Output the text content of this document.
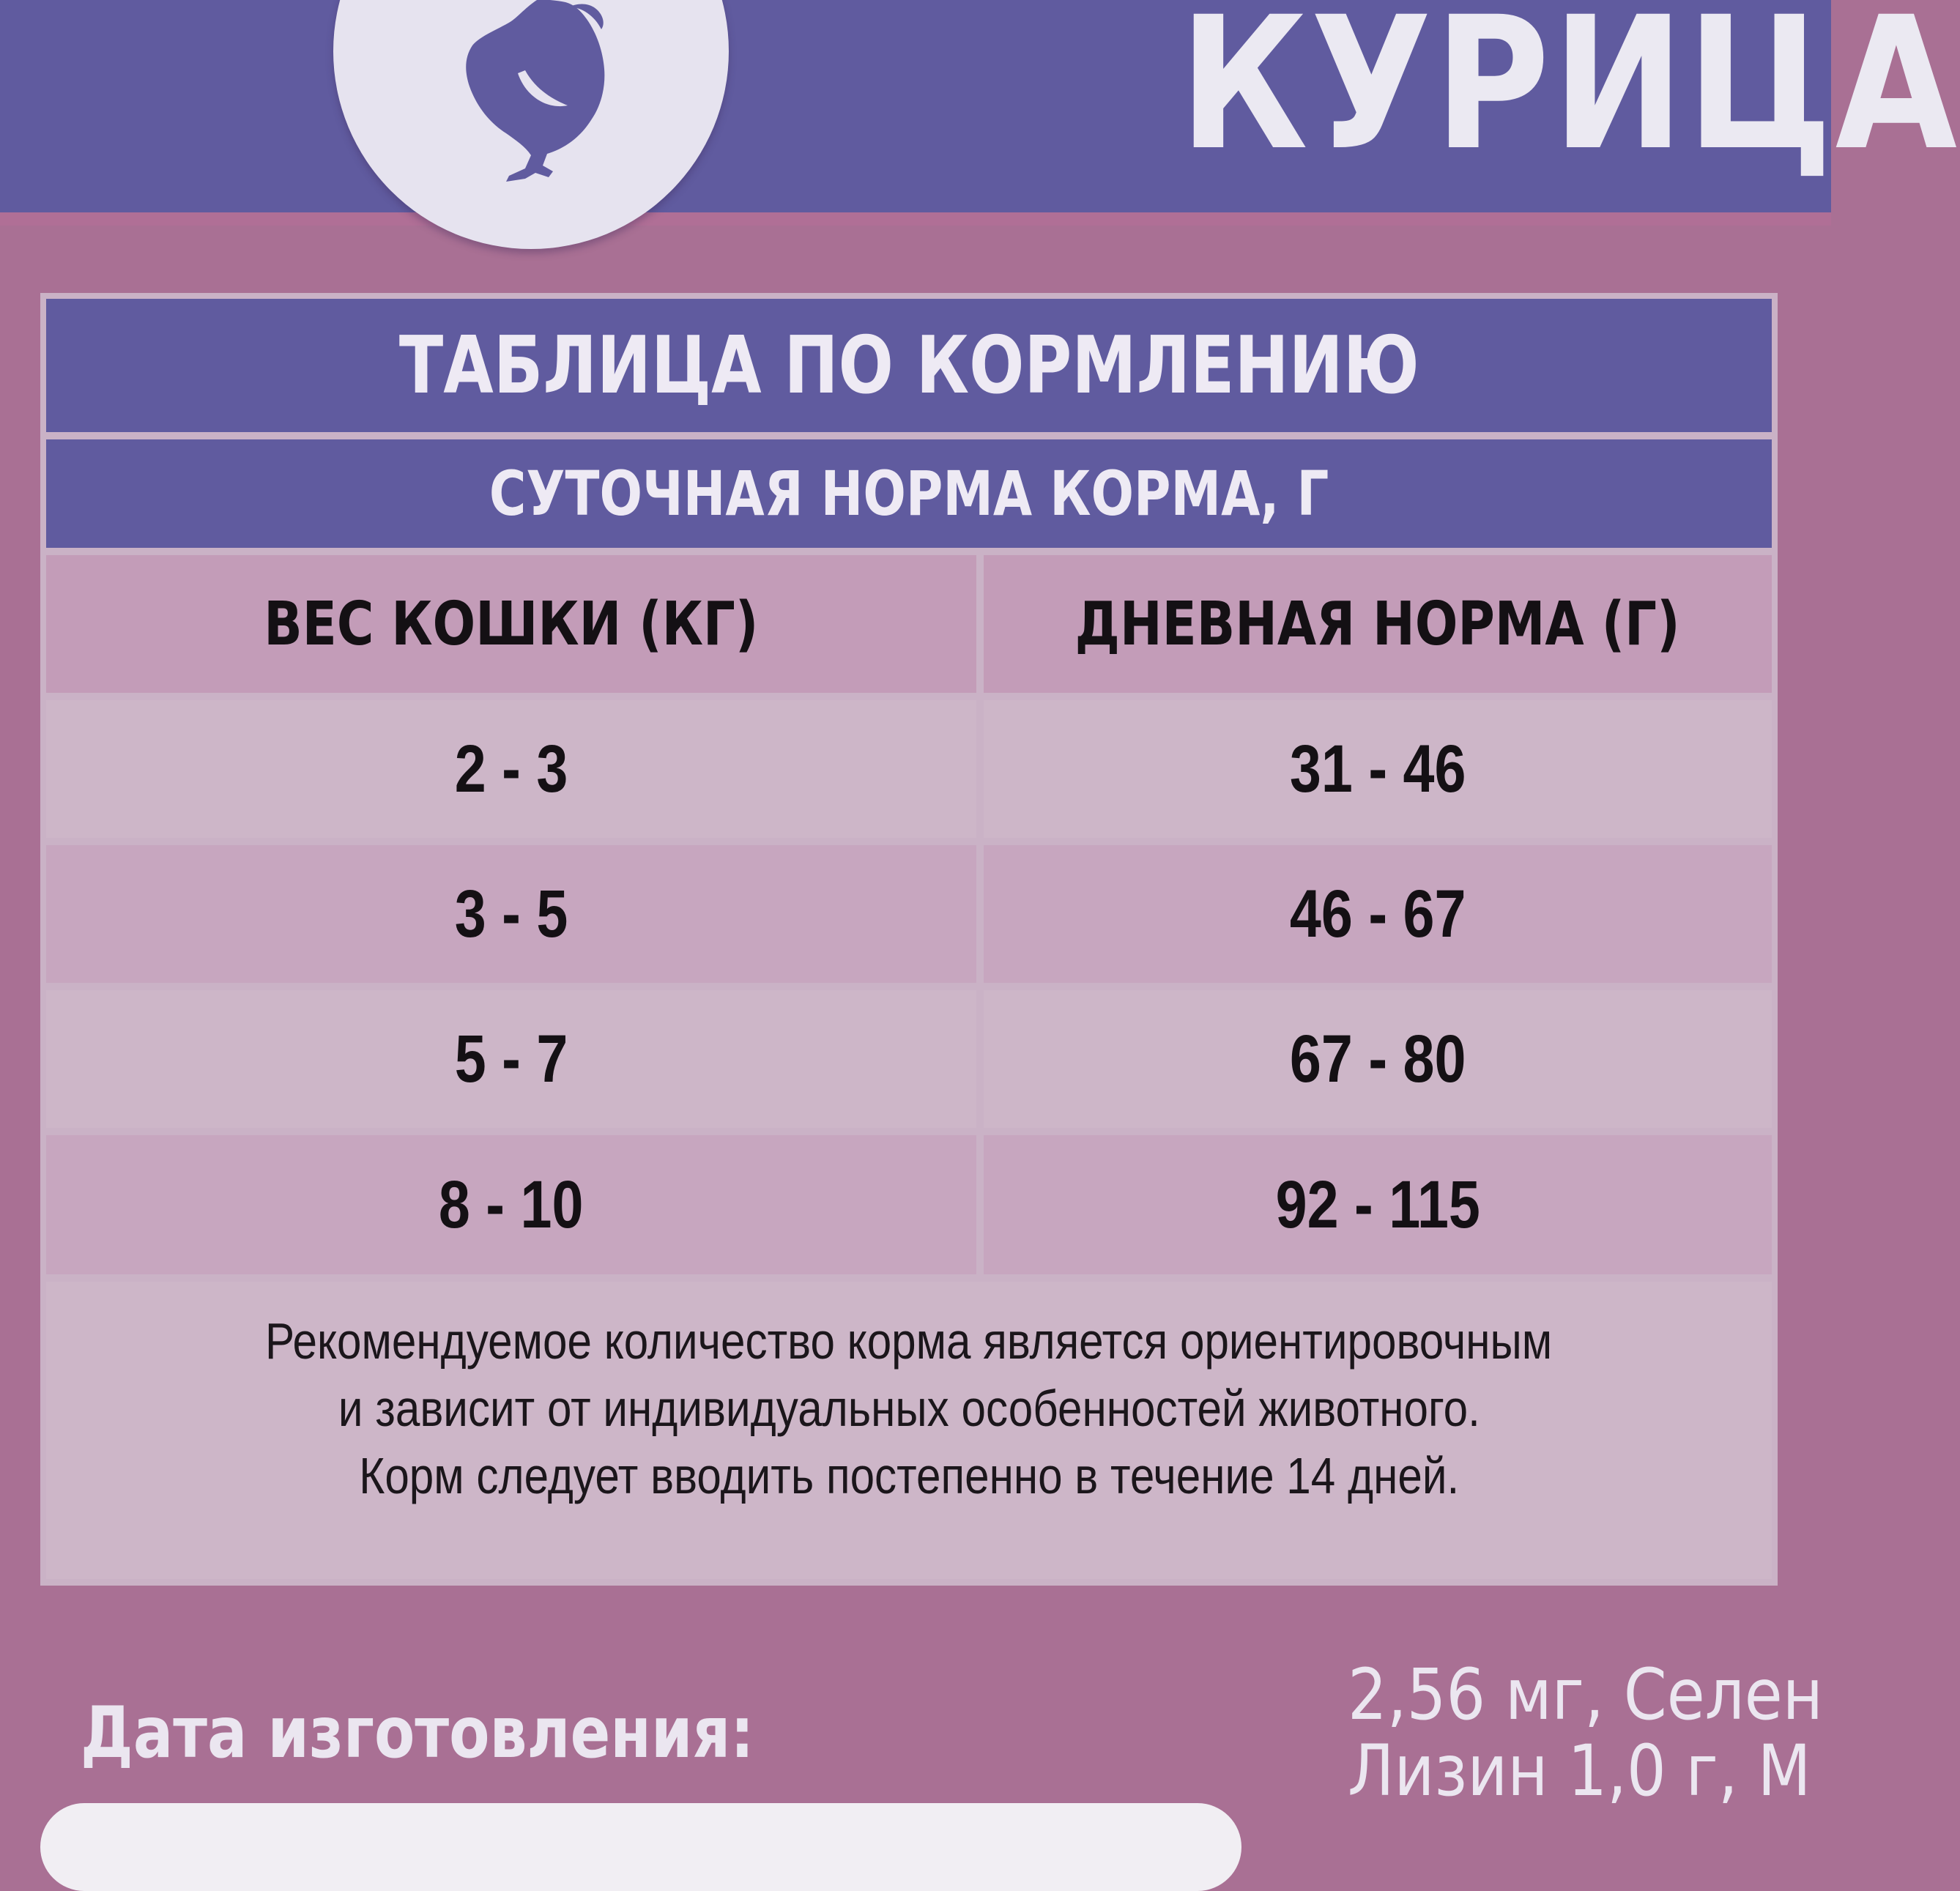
КУРИЦА
ТАБЛИЦА ПО КОРМЛЕНИЮ
СУТОЧНАЯ НОРМА КОРМА, Г
ВЕС КОШКИ (КГ)	ДНЕВНАЯ НОРМА (Г)
2 - 3	31 - 46
3 - 5	46 - 67
5 - 7	67 - 80
8 - 10	92 - 115
Рекомендуемое количество корма является ориентировочным
и зависит от индивидуальных особенностей животного.
Корм следует вводить постепенно в течение 14 дней.
Дата изготовления:	2,56 мг, Селен
Лизин 1,0 г, М
